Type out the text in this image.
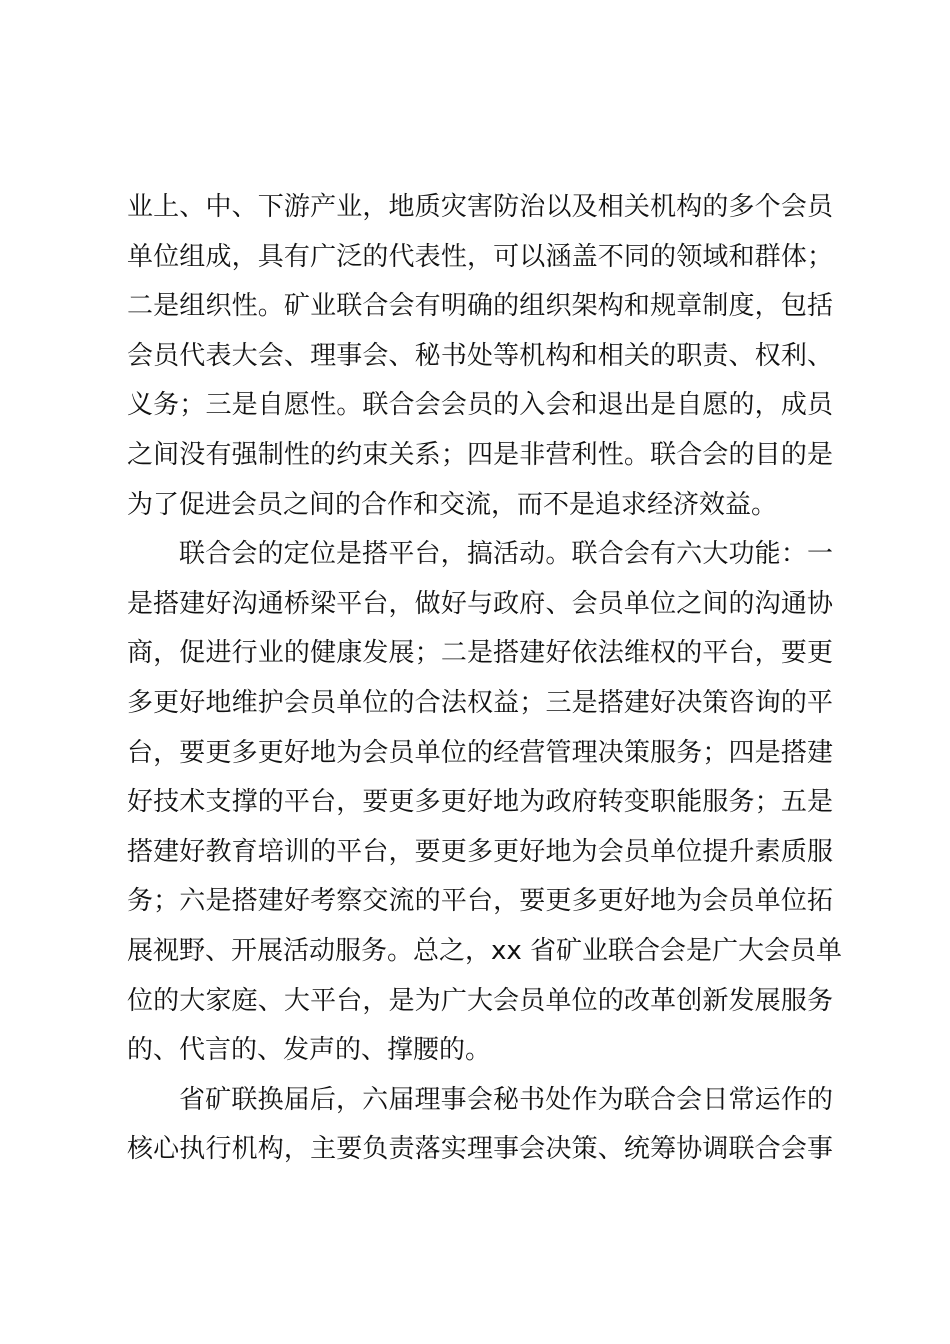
业上、中、下游产业，地质灾害防治以及相关机构的多个会员
单位组成，具有广泛的代表性，可以涵盖不同的领域和群体；
二是组织性。矿业联合会有明确的组织架构和规章制度，包括
会员代表大会、理事会、秘书处等机构和相关的职责、权利、
义务；三是自愿性。联合会会员的入会和退出是自愿的，成员
之间没有强制性的约束关系；四是非营利性。联合会的目的是
为了促进会员之间的合作和交流，而不是追求经济效益。
联合会的定位是搭平台，搞活动。联合会有六大功能：一
是搭建好沟通桥梁平台，做好与政府、会员单位之间的沟通协
商，促进行业的健康发展；二是搭建好依法维权的平台，要更
多更好地维护会员单位的合法权益；三是搭建好决策咨询的平
台，要更多更好地为会员单位的经营管理决策服务；四是搭建
好技术支撑的平台，要更多更好地为政府转变职能服务；五是
搭建好教育培训的平台，要更多更好地为会员单位提升素质服
务；六是搭建好考察交流的平台，要更多更好地为会员单位拓
展视野、开展活动服务。总之，xx 省矿业联合会是广大会员单
位的大家庭、大平台，是为广大会员单位的改革创新发展服务
的、代言的、发声的、撑腰的。
省矿联换届后，六届理事会秘书处作为联合会日常运作的
核心执行机构，主要负责落实理事会决策、统筹协调联合会事
